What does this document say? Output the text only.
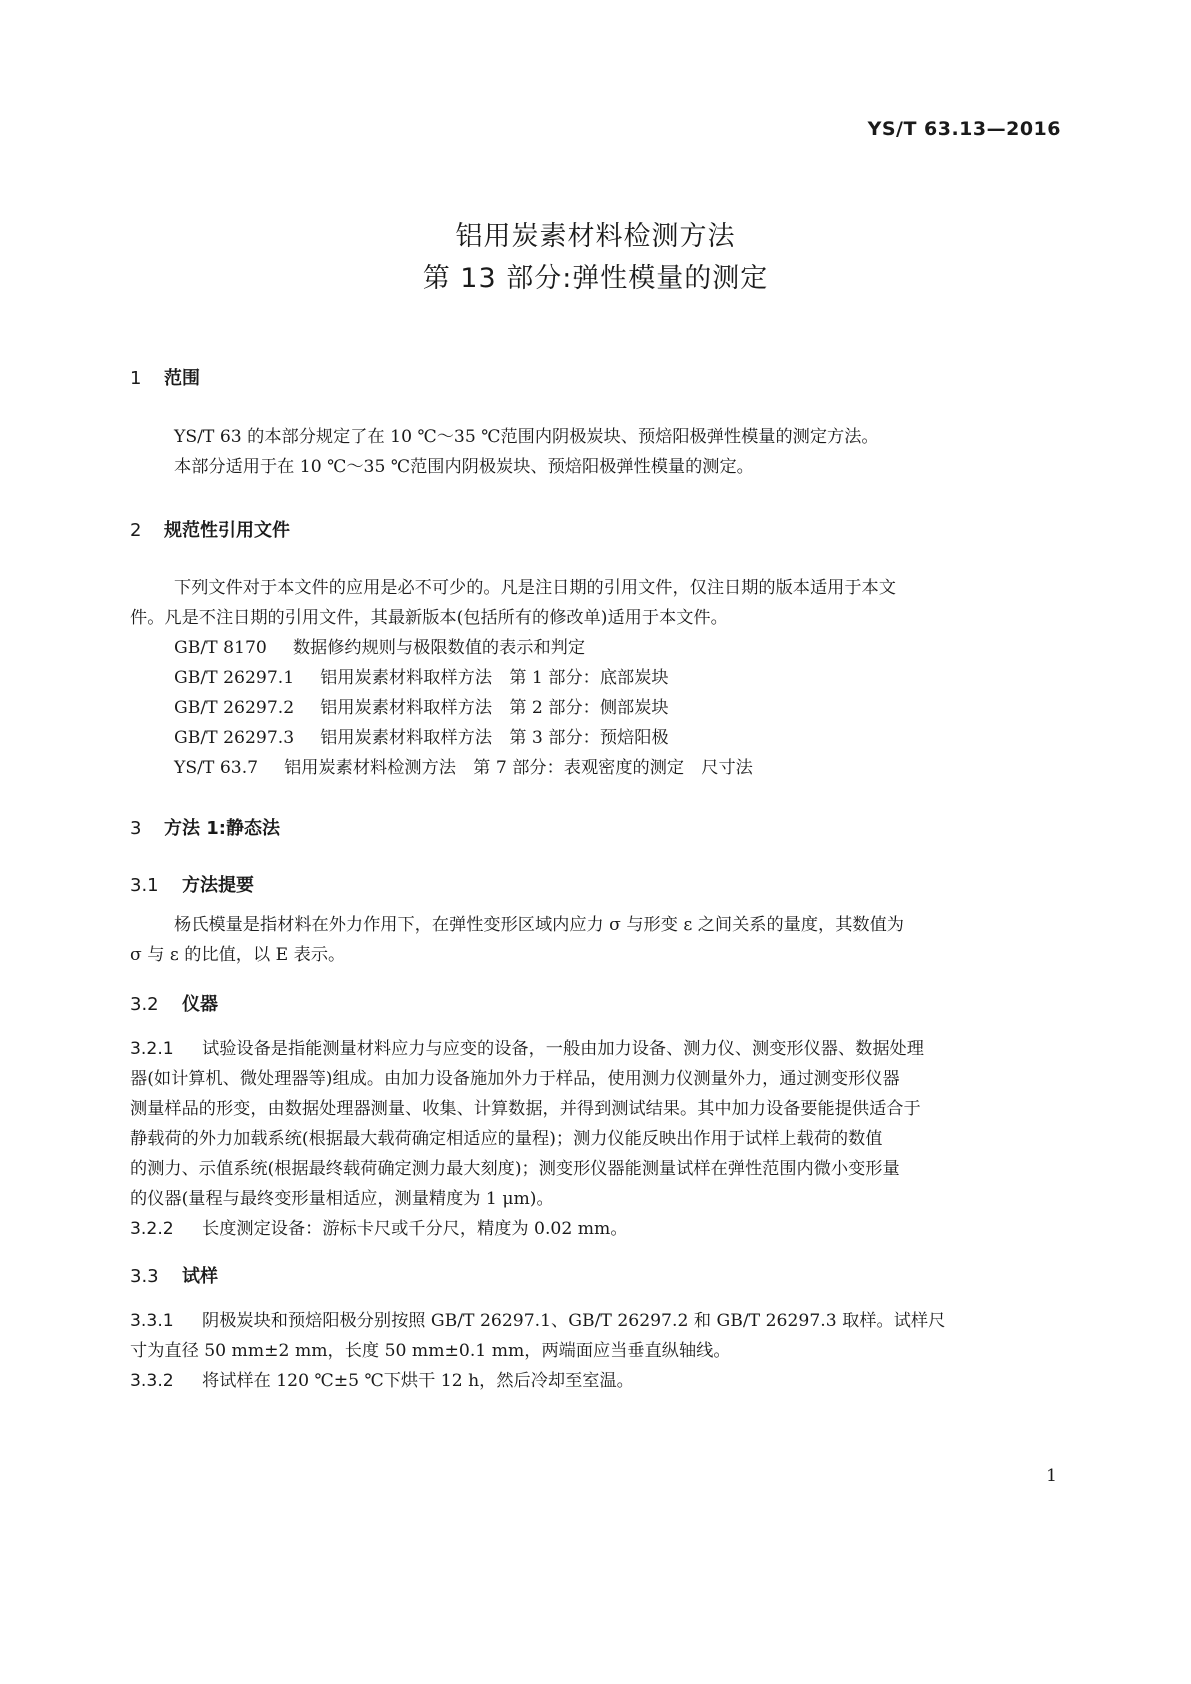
YS/T 63.13—2016
铝用炭素材料检测方法
第 13 部分:弹性模量的测定
1 范围
YS/T 63 的本部分规定了在 10 ℃～35 ℃范围内阴极炭块、预焙阳极弹性模量的测定方法。
本部分适用于在 10 ℃～35 ℃范围内阴极炭块、预焙阳极弹性模量的测定。
2 规范性引用文件
下列文件对于本文件的应用是必不可少的。凡是注日期的引用文件，仅注日期的版本适用于本文
件。凡是不注日期的引用文件，其最新版本(包括所有的修改单)适用于本文件。
GB/T 8170 数据修约规则与极限数值的表示和判定
GB/T 26297.1 铝用炭素材料取样方法　第 1 部分：底部炭块
GB/T 26297.2 铝用炭素材料取样方法　第 2 部分：侧部炭块
GB/T 26297.3 铝用炭素材料取样方法　第 3 部分：预焙阳极
YS/T 63.7 铝用炭素材料检测方法　第 7 部分：表观密度的测定　尺寸法
3 方法 1:静态法
3.1 方法提要
杨氏模量是指材料在外力作用下，在弹性变形区域内应力 σ 与形变 ε 之间关系的量度，其数值为
σ 与 ε 的比值，以 E 表示。
3.2 仪器
3.2.1 试验设备是指能测量材料应力与应变的设备，一般由加力设备、测力仪、测变形仪器、数据处理
器(如计算机、微处理器等)组成。由加力设备施加外力于样品，使用测力仪测量外力，通过测变形仪器
测量样品的形变，由数据处理器测量、收集、计算数据，并得到测试结果。其中加力设备要能提供适合于
静载荷的外力加载系统(根据最大载荷确定相适应的量程)；测力仪能反映出作用于试样上载荷的数值
的测力、示值系统(根据最终载荷确定测力最大刻度)；测变形仪器能测量试样在弹性范围内微小变形量
的仪器(量程与最终变形量相适应，测量精度为 1 μm)。
3.2.2 长度测定设备：游标卡尺或千分尺，精度为 0.02 mm。
3.3 试样
3.3.1 阴极炭块和预焙阳极分别按照 GB/T 26297.1、GB/T 26297.2 和 GB/T 26297.3 取样。试样尺
寸为直径 50 mm±2 mm，长度 50 mm±0.1 mm，两端面应当垂直纵轴线。
3.3.2 将试样在 120 ℃±5 ℃下烘干 12 h，然后冷却至室温。
1
